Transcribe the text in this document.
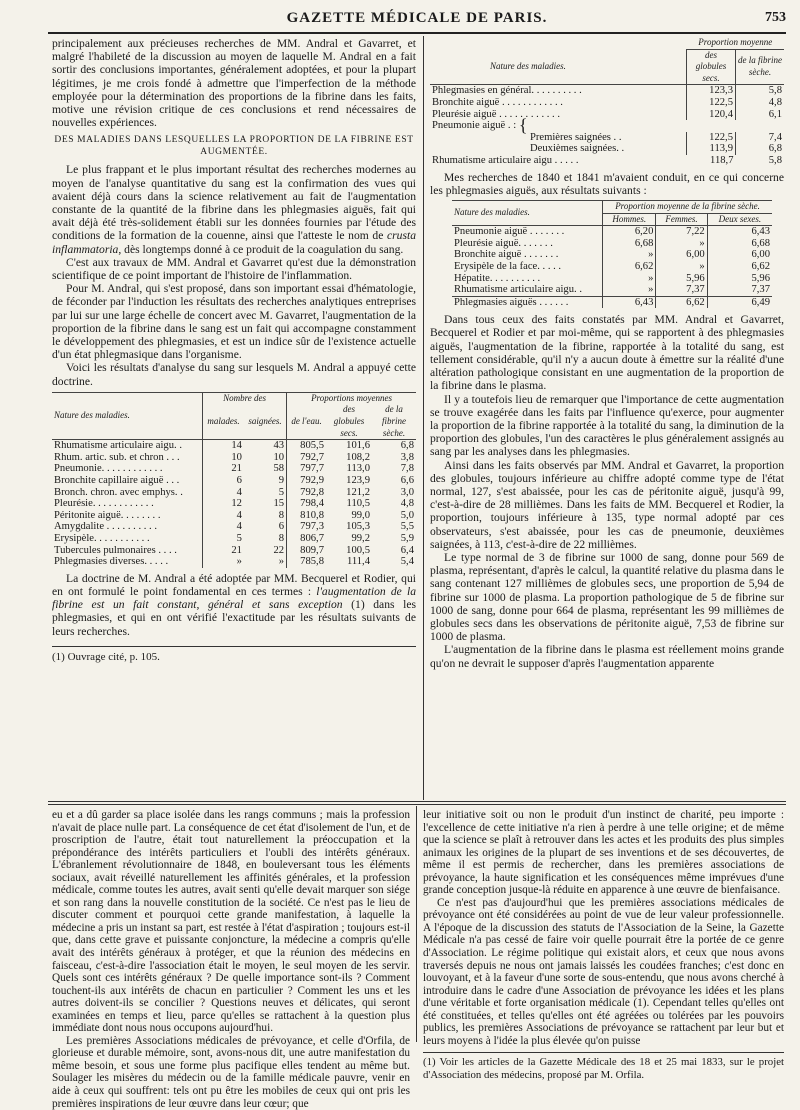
GAZETTE MÉDICALE DE PARIS.	753

principalement aux précieuses recherches de MM. Andral et Gavarret, et malgré l'habileté de la discussion au moyen de laquelle M. Andral en a fait sortir des conclusions importantes, généralement adoptées, et pour la plupart légitimes, je me crois fondé à admettre que l'imperfection de la méthode employée pour la détermination des proportions de la fibrine dans les faits, motive une révision critique de ces conclusions et rend nécessaires de nouvelles expériences.

DES MALADIES DANS LESQUELLES LA PROPORTION DE LA FIBRINE EST AUGMENTÉE.

Le plus frappant et le plus important résultat des recherches modernes au moyen de l'analyse quantitative du sang est la confirmation des vues qui avaient déjà cours dans la science relativement au fait de l'augmentation constante de la quantité de la fibrine dans les phlegmasies aiguës, fait qui avait déjà été très-solidement établi sur les données fournies par l'étude des conditions de la formation de la couenne, ainsi que l'atteste le nom de crusta inflammatoria, dès longtemps donné à ce produit de la coagulation du sang.

C'est aux travaux de MM. Andral et Gavarret qu'est due la démonstration scientifique de ce point important de l'histoire de l'inflammation.

Pour M. Andral, qui s'est proposé, dans son important essai d'hématologie, de féconder par l'induction les résultats des recherches analytiques entreprises par lui sur une large échelle de concert avec M. Gavarret, l'augmentation de la proportion de la fibrine dans le sang est un fait qui accompagne constamment le développement des phlegmasies, et est un indice sûr de l'existence actuelle d'un état phlegmasique dans l'organisme.

Voici les résultats d'analyse du sang sur lesquels M. Andral a appuyé cette doctrine.

Nature des maladies.	Nombre des		Proportions moyennes		
	malades.	saignées.	de l'eau.	des globules secs.	de la fibrine sèche.

Rhumatisme articulaire aigu. .	14	43	805,5	101,6	6,8
Rhum. artic. sub. et chron . . .	10	10	792,7	108,2	3,8
Pneumonie. . . . . . . . . . . .	21	58	797,7	113,0	7,8
Bronchite capillaire aiguë . . .	6	9	792,9	123,9	6,6
Bronch. chron. avec emphys. .	4	5	792,8	121,2	3,0
Pleurésie. . . . . . . . . . . .	12	15	798,4	110,5	4,8
Péritonite aiguë. . . . . . . .	4	8	810,8	99,0	5,0
Amygdalite . . . . . . . . . .	4	6	797,3	105,3	5,5
Erysipèle. . . . . . . . . . .	5	8	806,7	99,2	5,9
Tubercules pulmonaires . . . .	21	22	809,7	100,5	6,4
Phlegmasies diverses. . . . .	»	»	785,8	111,4	5,4

La doctrine de M. Andral a été adoptée par MM. Becquerel et Rodier, qui en ont formulé le point fondamental en ces termes : l'augmentation de la fibrine est un fait constant, général et sans exception (1) dans les phlegmasies, et qui en ont vérifié l'exactitude par les résultats suivants de leurs recherches.

(1) Ouvrage cité, p. 105.

	Proportion moyenne	
Nature des maladies.	des globules secs.	de la fibrine sèche.
Phlegmasies en général. . . . . . . . . .	123,3	5,8
Bronchite aiguë . . . . . . . . . . . .	122,5	4,8
Pleurésie aiguë . . . . . . . . . . . .	120,4	6,1
Pneumonie aiguë . : {		
Premières saignées . .	122,5	7,4
Deuxièmes saignées. .	113,9	6,8
Rhumatisme articulaire aigu . . . . .	118,7	5,8

Mes recherches de 1840 et 1841 m'avaient conduit, en ce qui concerne les phlegmasies aiguës, aux résultats suivants :

Nature des maladies.	Proportion moyenne de la fibrine sèche.		
	Hommes.	Femmes.	Deux sexes.
Pneumonie aiguë . . . . . . .	6,20	7,22	6,43
Pleurésie aiguë. . . . . . .	6,68	»	6,68
Bronchite aiguë . . . . . . .	»	6,00	6,00
Erysipèle de la face. . . . .	6,62	»	6,62
Hépatite. . . . . . . . . .	»	5,96	5,96
Rhumatisme articulaire aigu. .	»	7,37	7,37
Phlegmasies aiguës . . . . . .	6,43	6,62	6,49

Dans tous ceux des faits constatés par MM. Andral et Gavarret, Becquerel et Rodier et par moi-même, qui se rapportent à des phlegmasies aiguës, l'augmentation de la fibrine, rapportée à la totalité du sang, est tellement considérable, qu'il n'y a aucun doute à émettre sur la réalité d'une altération pathologique consistant en une augmentation de la proportion de la fibrine dans le plasma.

Il y a toutefois lieu de remarquer que l'importance de cette augmentation se trouve exagérée dans les faits par l'influence qu'exerce, pour augmenter la proportion de la fibrine rapportée à la totalité du sang, la diminution de la proportion des globules, l'un des caractères le plus généralement assignés au sang par les analyses dans les phlegmasies.

Ainsi dans les faits observés par MM. Andral et Gavarret, la proportion des globules, toujours inférieure au chiffre adopté comme type de l'état normal, 127, s'est abaissée, pour les cas de péritonite aiguë, jusqu'à 99, c'est-à-dire de 28 millièmes. Dans les faits de MM. Becquerel et Rodier, la proportion, toujours inférieure à 135, type normal adopté par ces observateurs, s'est abaissée, pour les cas de pneumonie, deuxièmes saignées, à 113, c'est-à-dire de 22 millièmes.

Le type normal de 3 de fibrine sur 1000 de sang, donne pour 569 de plasma, représentant, d'après le calcul, la quantité relative du plasma dans le sang contenant 127 millièmes de globules secs, une proportion de 5,94 de fibrine sur 1000 de plasma. La proportion pathologique de 5 de fibrine sur 1000 de sang, donne pour 664 de plasma, représentant les 99 millièmes de globules secs dans les observations de péritonite aiguë, 7,53 de fibrine sur 1000 de plasma.

L'augmentation de la fibrine dans le plasma est réellement moins grande qu'on ne devrait le supposer d'après l'augmentation apparente

eu et a dû garder sa place isolée dans les rangs communs ; mais la profession n'avait de place nulle part. La conséquence de cet état d'isolement de l'un, et de proscription de l'autre, était tout naturellement la préoccupation et la prépondérance des intérêts particuliers et l'oubli des intérêts généraux. L'ébranlement révolutionnaire de 1848, en bouleversant tous les éléments sociaux, avait réveillé naturellement les affinités générales, et la profession médicale, comme toutes les autres, avait senti qu'elle devait marquer son siége et son rang dans la nouvelle constitution de la société. Ce n'est pas le lieu de discuter comment et pourquoi cette grande manifestation, à laquelle la médecine a pris un instant sa part, est restée à l'état d'aspiration ; toujours est-il que, dans cette grave et puissante conjoncture, la médecine a compris qu'elle avait des intérêts généraux à protéger, et que la réunion des médecins en faisceau, c'est-à-dire l'association était le moyen, le seul moyen de les servir. Quels sont ces intérêts généraux ? De quelle importance sont-ils ? Comment touchent-ils aux intérêts de chacun en particulier ? Comment les uns et les autres doivent-ils se concilier ? Questions neuves et délicates, qui seront examinées en temps et lieu, parce qu'elles se rattachent à la question plus immédiate dont nous nous occupons aujourd'hui.

Les premières Associations médicales de prévoyance, et celle d'Orfila, de glorieuse et durable mémoire, sont, avons-nous dit, une autre manifestation du même besoin, et sous une forme plus pacifique elles tendent au même but. Soulager les misères du médecin ou de la famille médicale pauvre, venir en aide à ceux qui souffrent: tels ont pu être les mobiles de ceux qui ont pris les premières inspirations de leur œuvre dans leur cœur; que

leur initiative soit ou non le produit d'un instinct de charité, peu importe : l'excellence de cette initiative n'a rien à perdre à une telle origine; et de même que la science se plaît à retrouver dans les actes et les produits des plus simples animaux les origines de la plupart de ses inventions et de ses découvertes, de même il est permis de rechercher, dans les premières associations de prévoyance, la haute signification et les conséquences même imprévues d'une grande conception jusque-là réduite en apparence à une œuvre de bienfaisance.

Ce n'est pas d'aujourd'hui que les premières associations médicales de prévoyance ont été considérées au point de vue de leur valeur professionnelle. A l'époque de la discussion des statuts de l'Association de la Seine, la Gazette Médicale n'a pas cessé de faire voir quelle pourrait être la portée de ce genre d'Association. Le régime politique qui existait alors, et ceux que nous avons traversés depuis ne nous ont jamais laissés les coudées franches; c'est donc en louvoyant, et à la faveur d'une sorte de sous-entendu, que nous avons cherché à introduire dans le cadre d'une Association de prévoyance les idées et les plans d'une véritable et forte organisation médicale (1). Cependant telles qu'elles ont été constituées, et telles qu'elles ont été agréées ou tolérées par les pouvoirs publics, les premières Associations de prévoyance se rattachent par leur but et leurs moyens à l'idée la plus élevée qu'on puisse

(1) Voir les articles de la Gazette Médicale des 18 et 25 mai 1833, sur le projet d'Association des médecins, proposé par M. Orfila.
